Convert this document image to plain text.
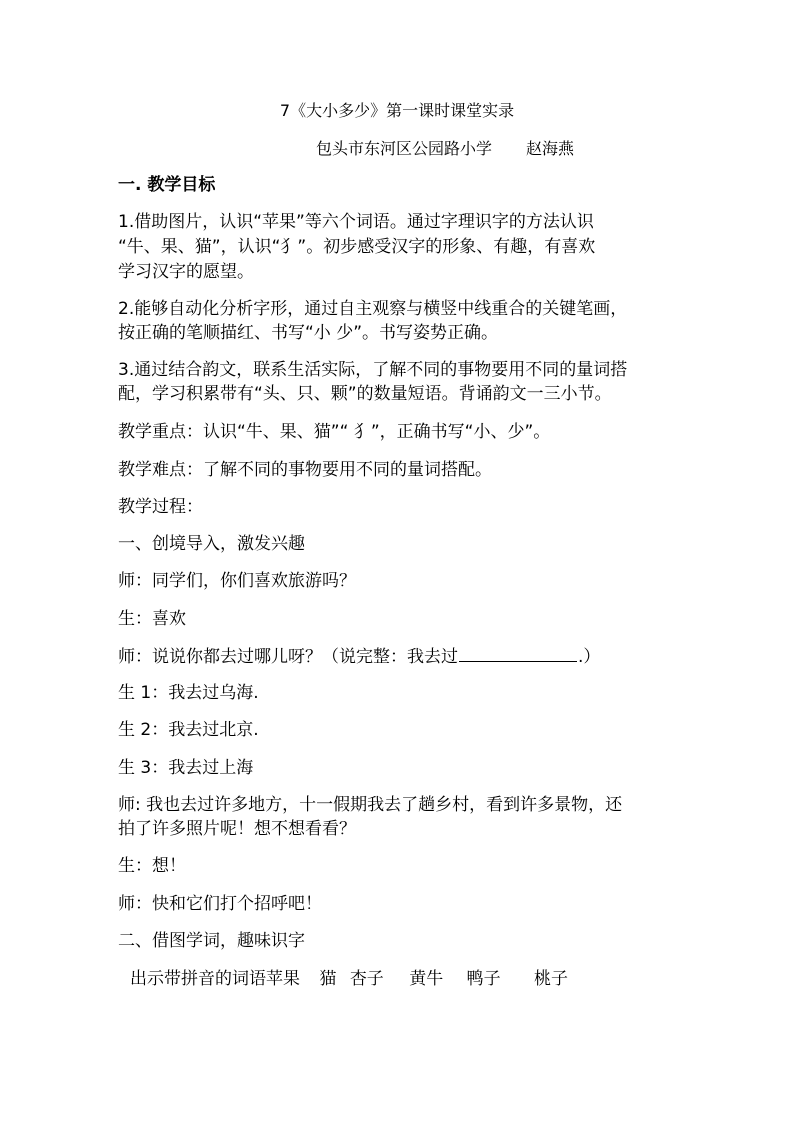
7《大小多少》第一课时课堂实录
包头市东河区公园路小学 赵海燕
一. 教学目标
1.借助图片，认识“苹果”等六个词语。通过字理识字的方法认识
“牛、果、猫”，认识“犭”。初步感受汉字的形象、有趣，有喜欢
学习汉字的愿望。
2.能够自动化分析字形，通过自主观察与横竖中线重合的关键笔画，
按正确的笔顺描红、书写“小 少”。书写姿势正确。
3.通过结合韵文，联系生活实际，了解不同的事物要用不同的量词搭
配，学习积累带有“头、只、颗”的数量短语。背诵韵文一三小节。
教学重点：认识“牛、果、猫”“ 犭”，正确书写“小、少”。
教学难点：了解不同的事物要用不同的量词搭配。
教学过程：
一、创境导入，激发兴趣
师：同学们，你们喜欢旅游吗？
生：喜欢
师：说说你都去过哪儿呀？（说完整：我去过	.）
生 1：我去过乌海.
生 2：我去过北京.
生 3：我去过上海
师: 我也去过许多地方，十一假期我去了趟乡村，看到许多景物，还
拍了许多照片呢！想不想看看？
生：想！
师：快和它们打个招呼吧！
二、借图学词，趣味识字
出示带拼音的词语苹果 猫 杏子 黄牛 鸭子 桃子
